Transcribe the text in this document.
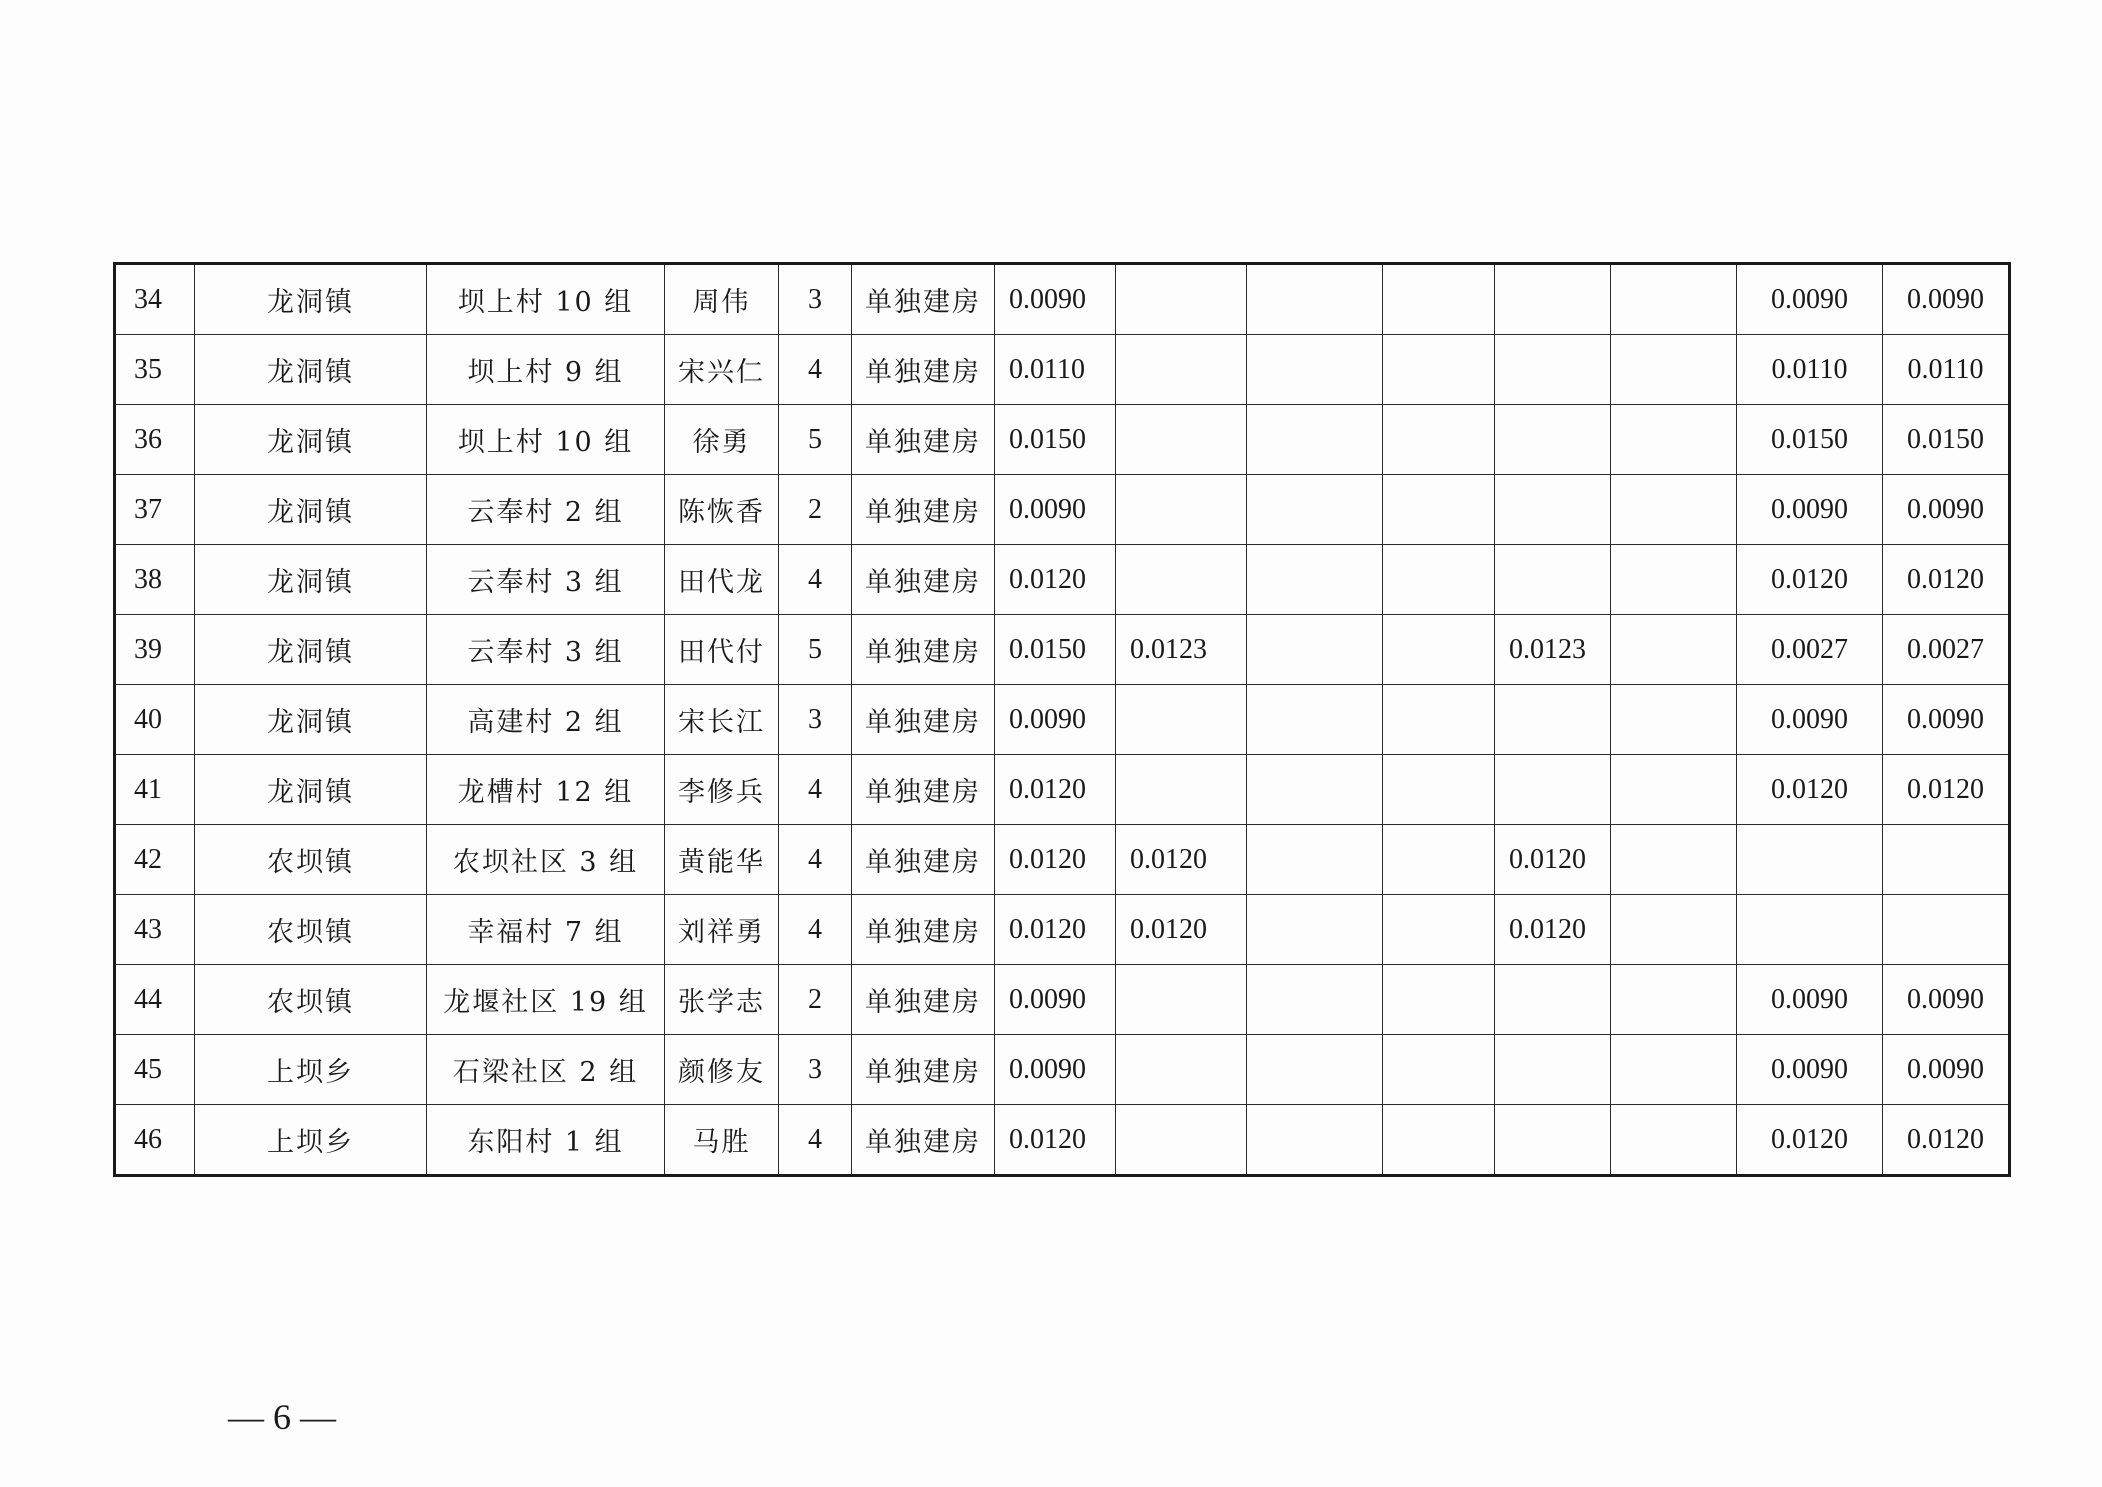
34	龙洞镇	坝上村 10 组	周伟	3	单独建房	0.0090						0.0090	0.0090
35	龙洞镇	坝上村 9 组	宋兴仁	4	单独建房	0.0110						0.0110	0.0110
36	龙洞镇	坝上村 10 组	徐勇	5	单独建房	0.0150						0.0150	0.0150
37	龙洞镇	云奉村 2 组	陈恢香	2	单独建房	0.0090						0.0090	0.0090
38	龙洞镇	云奉村 3 组	田代龙	4	单独建房	0.0120						0.0120	0.0120
39	龙洞镇	云奉村 3 组	田代付	5	单独建房	0.0150	0.0123			0.0123		0.0027	0.0027
40	龙洞镇	高建村 2 组	宋长江	3	单独建房	0.0090						0.0090	0.0090
41	龙洞镇	龙槽村 12 组	李修兵	4	单独建房	0.0120						0.0120	0.0120
42	农坝镇	农坝社区 3 组	黄能华	4	单独建房	0.0120	0.0120			0.0120			
43	农坝镇	幸福村 7 组	刘祥勇	4	单独建房	0.0120	0.0120			0.0120			
44	农坝镇	龙堰社区 19 组	张学志	2	单独建房	0.0090						0.0090	0.0090
45	上坝乡	石梁社区 2 组	颜修友	3	单独建房	0.0090						0.0090	0.0090
46	上坝乡	东阳村 1 组	马胜	4	单独建房	0.0120						0.0120	0.0120
— 6 —
